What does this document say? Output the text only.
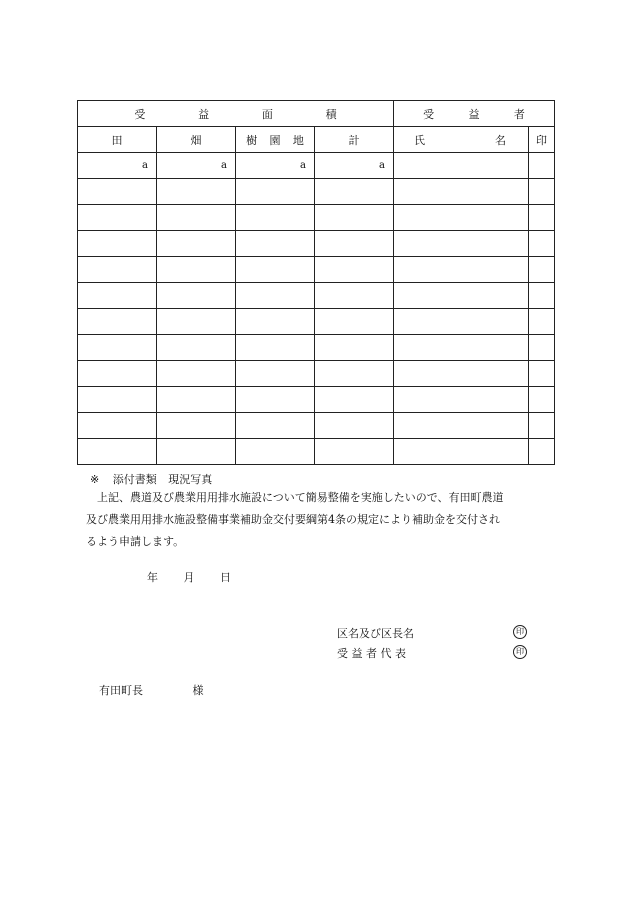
受 益 面 積				受 益 者	

田	畑	樹 園 地	計	氏 名	印
a	a	a	a		

※ 添付書類 現況写真

上記、農道及び農業用用排水施設について簡易整備を実施したいので、有田町農道

及び農業用用排水施設整備事業補助金交付要綱第4条の規定により補助金を交付され

るよう申請します。

年 月 日
区名及び区長名	印
受 益 者 代 表	印
有田町長	様
